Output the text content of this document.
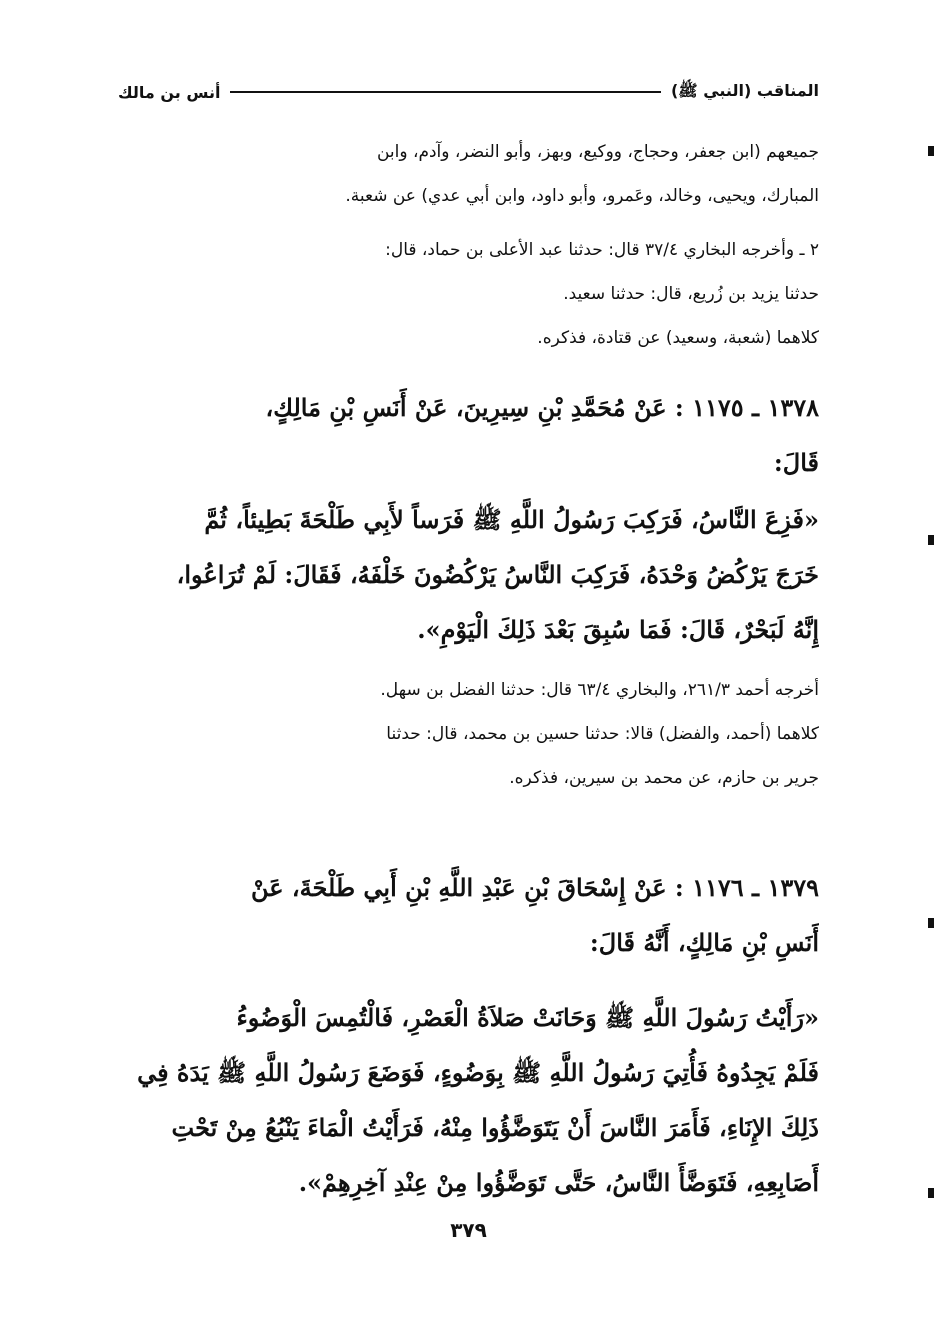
المناقب (النبي ﷺ)
أنس بن مالك
جميعهم (ابن جعفر، وحجاج، ووكيع، وبهز، وأبو النضر، وآدم، وابن
المبارك، ويحيى، وخالد، وعَمرو، وأبو داود، وابن أبي عدي) عن شعبة.
٢ ـ وأخرجه البخاري ٣٧/٤ قال: حدثنا عبد الأعلى بن حماد، قال:
حدثنا يزيد بن زُريع، قال: حدثنا سعيد.
كلاهما (شعبة، وسعيد) عن قتادة، فذكره.
١٣٧٨ ـ ١١٧٥ : عَنْ مُحَمَّدِ بْنِ سِيرِينَ، عَنْ أَنَسِ بْنِ مَالِكٍ،
قَالَ:
«فَزِعَ النَّاسُ، فَرَكِبَ رَسُولُ اللَّهِ ﷺ فَرَساً لأَبِي طَلْحَةَ بَطِيئاً، ثُمَّ
خَرَجَ يَرْكُضُ وَحْدَهُ، فَرَكِبَ النَّاسُ يَرْكُضُونَ خَلْفَهُ، فَقَالَ: لَمْ تُرَاعُوا،
إِنَّهُ لَبَحْرٌ، قَالَ: فَمَا سُبِقَ بَعْدَ ذَلِكَ الْيَوْمِ».
أخرجه أحمد ٢٦١/٣، والبخاري ٦٣/٤ قال: حدثنا الفضل بن سهل.
كلاهما (أحمد، والفضل) قالا: حدثنا حسين بن محمد، قال: حدثنا
جرير بن حازم، عن محمد بن سيرين، فذكره.
١٣٧٩ ـ ١١٧٦ : عَنْ إِسْحَاقَ بْنِ عَبْدِ اللَّهِ بْنِ أَبِي طَلْحَةَ، عَنْ
أَنَسِ بْنِ مَالِكٍ، أَنَّهُ قَالَ:
«رَأَيْتُ رَسُولَ اللَّهِ ﷺ وَحَانَتْ صَلاَةُ الْعَصْرِ، فَالْتُمِسَ الْوَضُوءُ
فَلَمْ يَجِدُوهُ فَأُتِيَ رَسُولُ اللَّهِ ﷺ بِوَضُوءٍ، فَوَضَعَ رَسُولُ اللَّهِ ﷺ يَدَهُ فِي
ذَلِكَ الإِنَاءِ، فَأَمَرَ النَّاسَ أَنْ يَتَوَضَّؤُوا مِنْهُ، فَرَأَيْتُ الْمَاءَ يَنْبُعُ مِنْ تَحْتِ
أَصَابِعِهِ، فَتَوَضَّأَ النَّاسُ، حَتَّى تَوَضَّؤُوا مِنْ عِنْدِ آخِرِهِمْ».
٣٧٩
